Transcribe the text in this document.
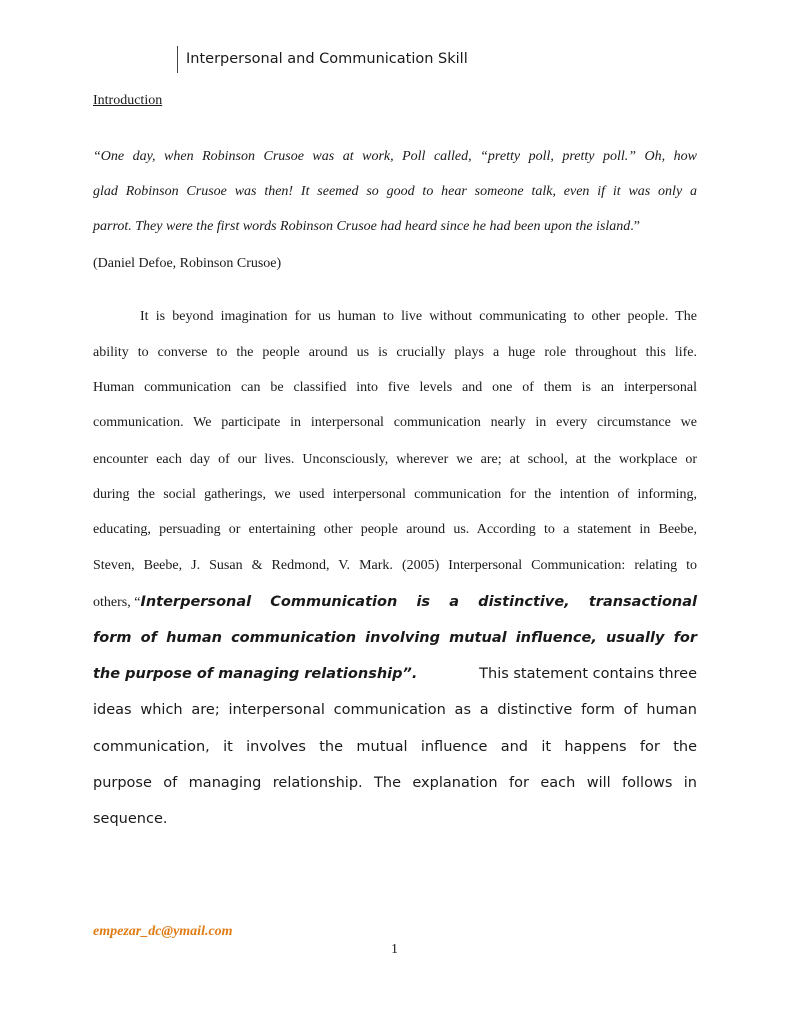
Interpersonal and Communication Skill
Introduction
“One day, when Robinson Crusoe was at work, Poll called, “pretty poll, pretty poll.” Oh, how
glad Robinson Crusoe was then! It seemed so good to hear someone talk, even if it was only a
parrot. They were the first words Robinson Crusoe had heard since he had been upon the island.”
(Daniel Defoe, Robinson Crusoe)
It is beyond imagination for us human to live without communicating to other people. The
ability to converse to the people around us is crucially plays a huge role throughout this life.
Human communication can be classified into five levels and one of them is an interpersonal
communication. We participate in interpersonal communication nearly in every circumstance we
encounter each day of our lives. Unconsciously, wherever we are; at school, at the workplace or
during the social gatherings, we used interpersonal communication for the intention of informing,
educating, persuading or entertaining other people around us. According to a statement in Beebe,
Steven, Beebe, J. Susan & Redmond, V. Mark. (2005) Interpersonal Communication: relating to
others, “ Interpersonal Communication is a distinctive, transactional
form of human communication involving mutual influence, usually for
the purpose of managing relationship”.	This statement contains three
ideas which are; interpersonal communication as a distinctive form of human
communication, it involves the mutual influence and it happens for the
purpose of managing relationship. The explanation for each will follows in
sequence.
empezar_dc@ymail.com
1
